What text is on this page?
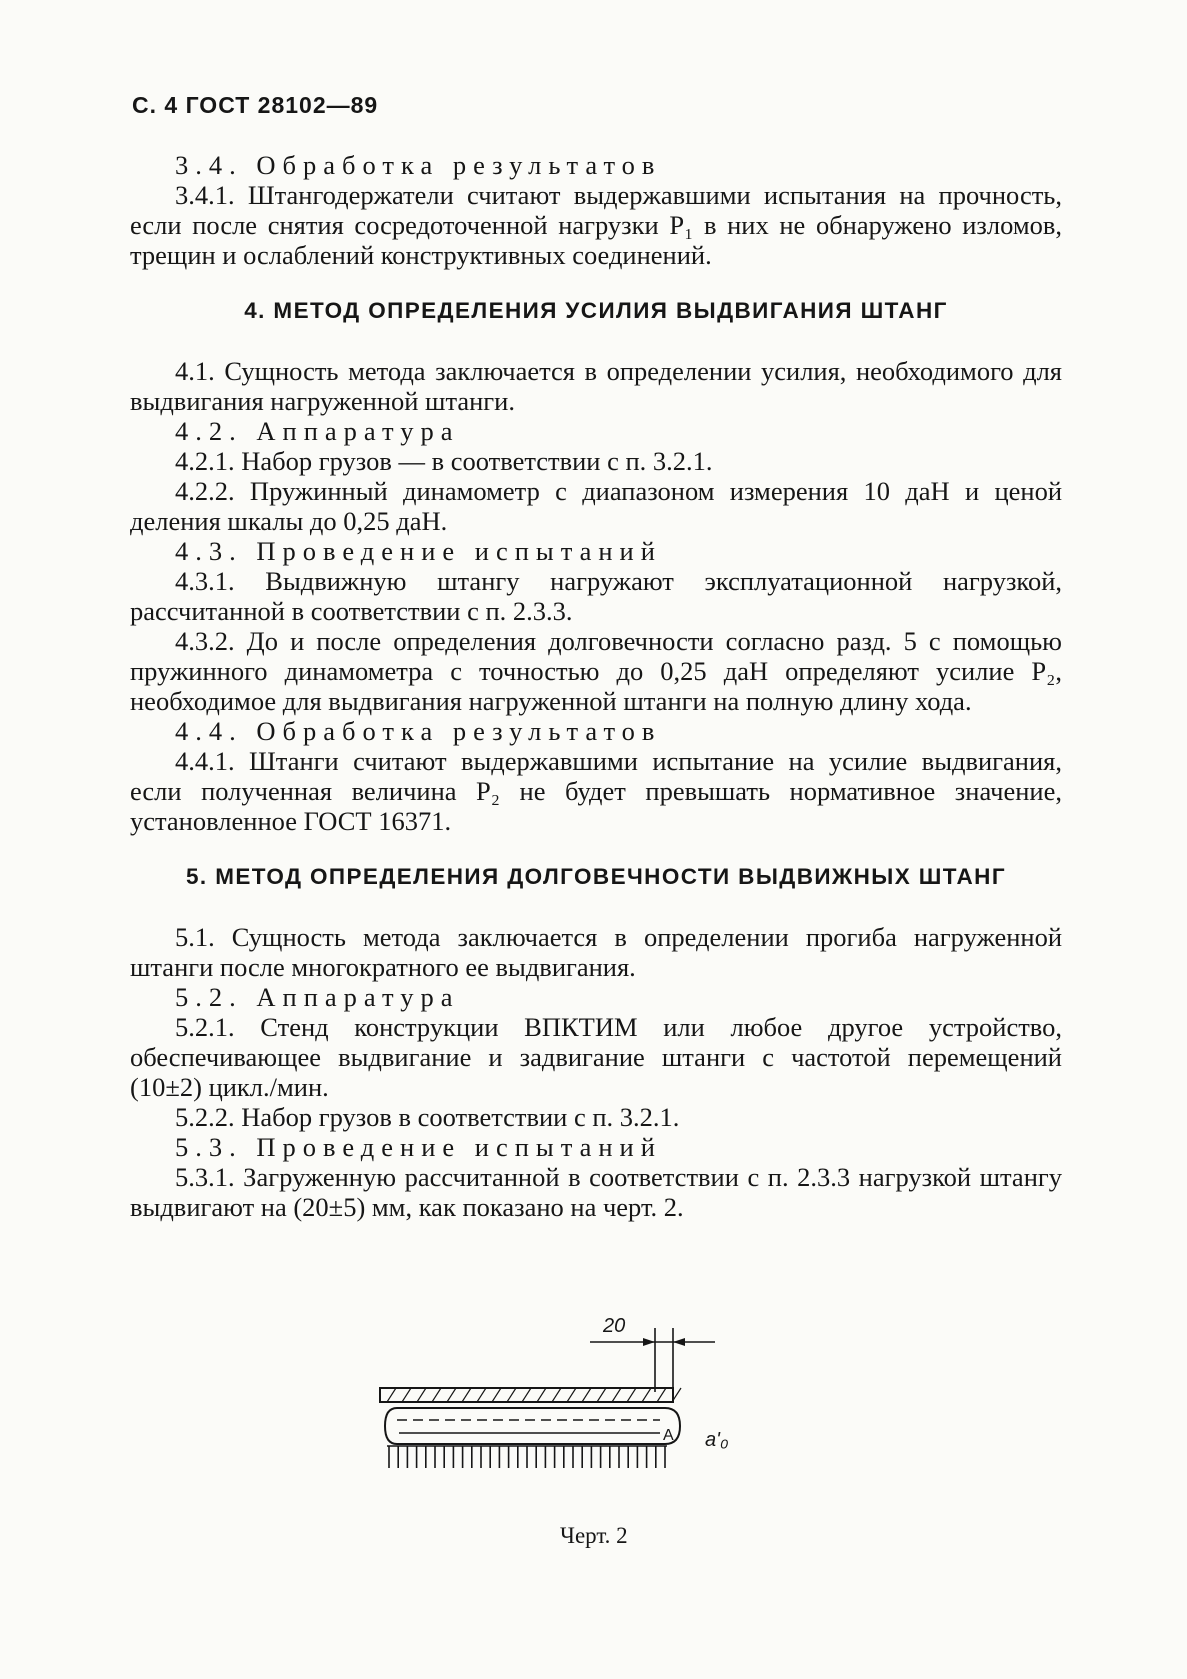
С. 4 ГОСТ 28102—89
3.4. Обработка результатов
3.4.1. Штангодержатели считают выдержавшими испытания на прочность, если после снятия сосредоточенной нагрузки P₁ в них не обнаружено изломов, трещин и ослаблений конструктивных соединений.
4. МЕТОД ОПРЕДЕЛЕНИЯ УСИЛИЯ ВЫДВИГАНИЯ ШТАНГ
4.1. Сущность метода заключается в определении усилия, необходимого для выдвигания нагруженной штанги.
4.2. Аппаратура
4.2.1. Набор грузов — в соответствии с п. 3.2.1.
4.2.2. Пружинный динамометр с диапазоном измерения 10 даН и ценой деления шкалы до 0,25 даН.
4.3. Проведение испытаний
4.3.1. Выдвижную штангу нагружают эксплуатационной нагрузкой, рассчитанной в соответствии с п. 2.3.3.
4.3.2. До и после определения долговечности согласно разд. 5 с помощью пружинного динамометра с точностью до 0,25 даН определяют усилие P₂, необходимое для выдвигания нагруженной штанги на полную длину хода.
4.4. Обработка результатов
4.4.1. Штанги считают выдержавшими испытание на усилие выдвигания, если полученная величина P₂ не будет превышать нормативное значение, установленное ГОСТ 16371.
5. МЕТОД ОПРЕДЕЛЕНИЯ ДОЛГОВЕЧНОСТИ ВЫДВИЖНЫХ ШТАНГ
5.1. Сущность метода заключается в определении прогиба нагруженной штанги после многократного ее выдвигания.
5.2. Аппаратура
5.2.1. Стенд конструкции ВПКТИМ или любое другое устройство, обеспечивающее выдвигание и задвигание штанги с частотой перемещений (10±2) цикл./мин.
5.2.2. Набор грузов в соответствии с п. 3.2.1.
5.3. Проведение испытаний
5.3.1. Загруженную рассчитанной в соответствии с п. 2.3.3 нагрузкой штангу выдвигают на (20±5) мм, как показано на черт. 2.
20
A a'₀
Черт. 2
